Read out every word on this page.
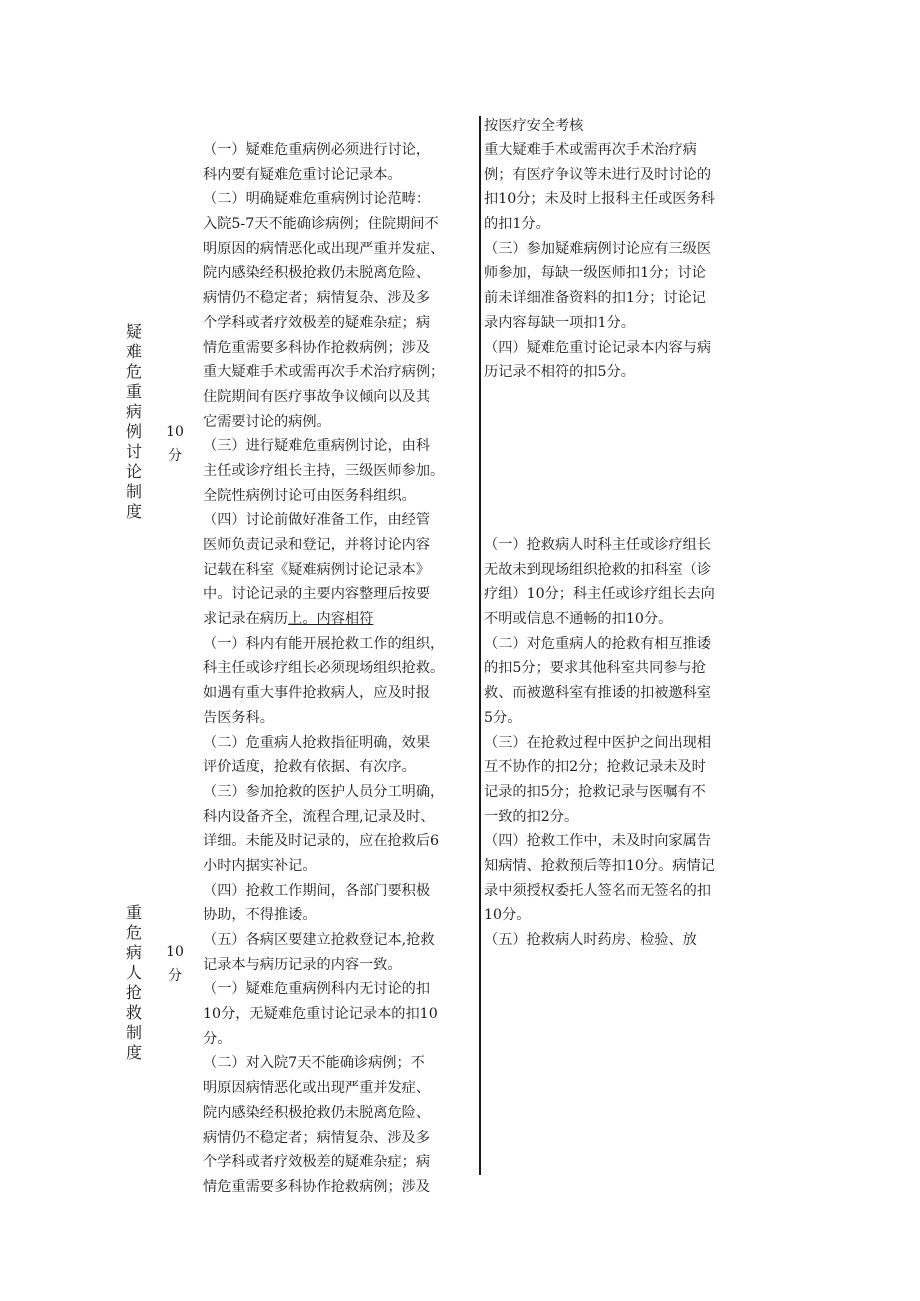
按医疗安全考核
疑难危重病例讨论制度
10
分
重危病人抢救制度
10
分
（一）疑难危重病例必须进行讨论，
科内要有疑难危重讨论记录本。
（二）明确疑难危重病例讨论范畴：
入院5-7天不能确诊病例；住院期间不
明原因的病情恶化或出现严重并发症、
院内感染经积极抢救仍未脱离危险、
病情仍不稳定者；病情复杂、涉及多
个学科或者疗效极差的疑难杂症；病
情危重需要多科协作抢救病例；涉及
重大疑难手术或需再次手术治疗病例；
住院期间有医疗事故争议倾向以及其
它需要讨论的病例。
（三）进行疑难危重病例讨论，由科
主任或诊疗组长主持，三级医师参加。
全院性病例讨论可由医务科组织。
（四）讨论前做好准备工作，由经管
医师负责记录和登记，并将讨论内容
记载在科室《疑难病例讨论记录本》
中。讨论记录的主要内容整理后按要
求记录在病历上。内容相符
（一）科内有能开展抢救工作的组织，
科主任或诊疗组长必须现场组织抢救。
如遇有重大事件抢救病人，应及时报
告医务科。
（二）危重病人抢救指征明确，效果
评价适度，抢救有依据、有次序。
（三）参加抢救的医护人员分工明确，
科内设备齐全，流程合理,记录及时、
详细。未能及时记录的，应在抢救后6
小时内据实补记。
（四）抢救工作期间，各部门要积极
协助，不得推诿。
（五）各病区要建立抢救登记本,抢救
记录本与病历记录的内容一致。
（一）疑难危重病例科内无讨论的扣
10分，无疑难危重讨论记录本的扣10
分。
（二）对入院7天不能确诊病例；不
明原因病情恶化或出现严重并发症、
院内感染经积极抢救仍未脱离危险、
病情仍不稳定者；病情复杂、涉及多
个学科或者疗效极差的疑难杂症；病
情危重需要多科协作抢救病例；涉及
重大疑难手术或需再次手术治疗病
例；有医疗争议等未进行及时讨论的
扣10分；未及时上报科主任或医务科
的扣1分。
（三）参加疑难病例讨论应有三级医
师参加，每缺一级医师扣1分；讨论
前未详细准备资料的扣1分；讨论记
录内容每缺一项扣1分。
（四）疑难危重讨论记录本内容与病
历记录不相符的扣5分。
（一）抢救病人时科主任或诊疗组长
无故未到现场组织抢救的扣科室（诊
疗组）10分；科主任或诊疗组长去向
不明或信息不通畅的扣10分。
（二）对危重病人的抢救有相互推诿
的扣5分；要求其他科室共同参与抢
救、而被邀科室有推诿的扣被邀科室
5分。
（三）在抢救过程中医护之间出现相
互不协作的扣2分；抢救记录未及时
记录的扣5分；抢救记录与医嘱有不
一致的扣2分。
（四）抢救工作中，未及时向家属告
知病情、抢救预后等扣10分。病情记
录中须授权委托人签名而无签名的扣
10分。
（五）抢救病人时药房、检验、放
